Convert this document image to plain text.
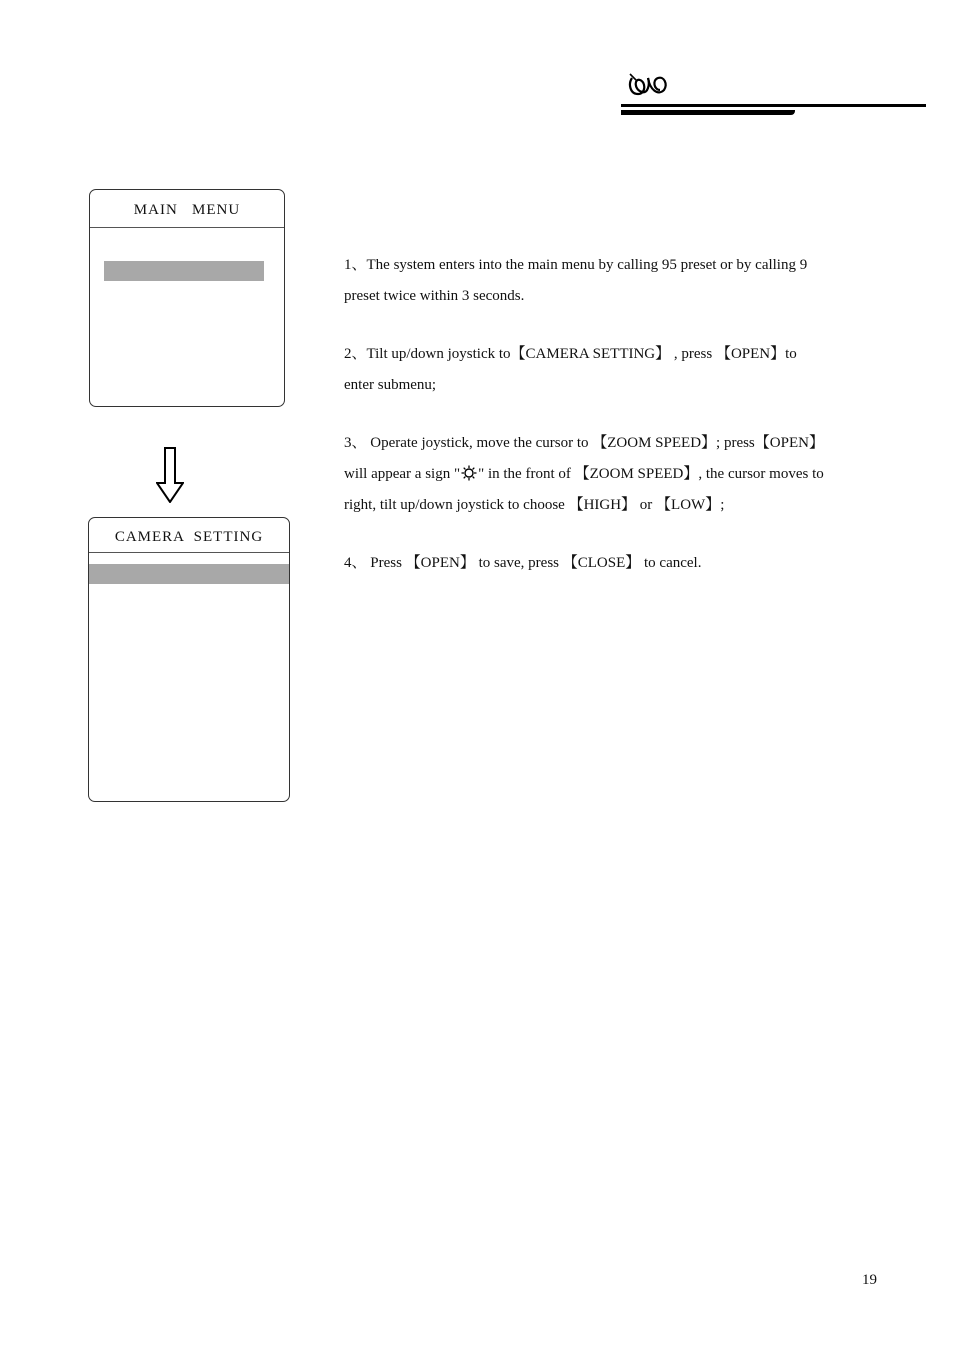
MAIN   MENU
CAMERA  SETTING
1、The system enters into the main menu by calling 95 preset or by calling 9
preset twice within 3 seconds.
2、Tilt up/down joystick to【CAMERA SETTING】 , press 【OPEN】to
enter submenu;
3、 Operate joystick, move the cursor to 【ZOOM SPEED】; press【OPEN】
will appear a sign " " in the front of 【ZOOM SPEED】, the cursor moves to
right, tilt up/down joystick to choose 【HIGH】 or 【LOW】;
4、 Press 【OPEN】 to save, press 【CLOSE】 to cancel.
19
